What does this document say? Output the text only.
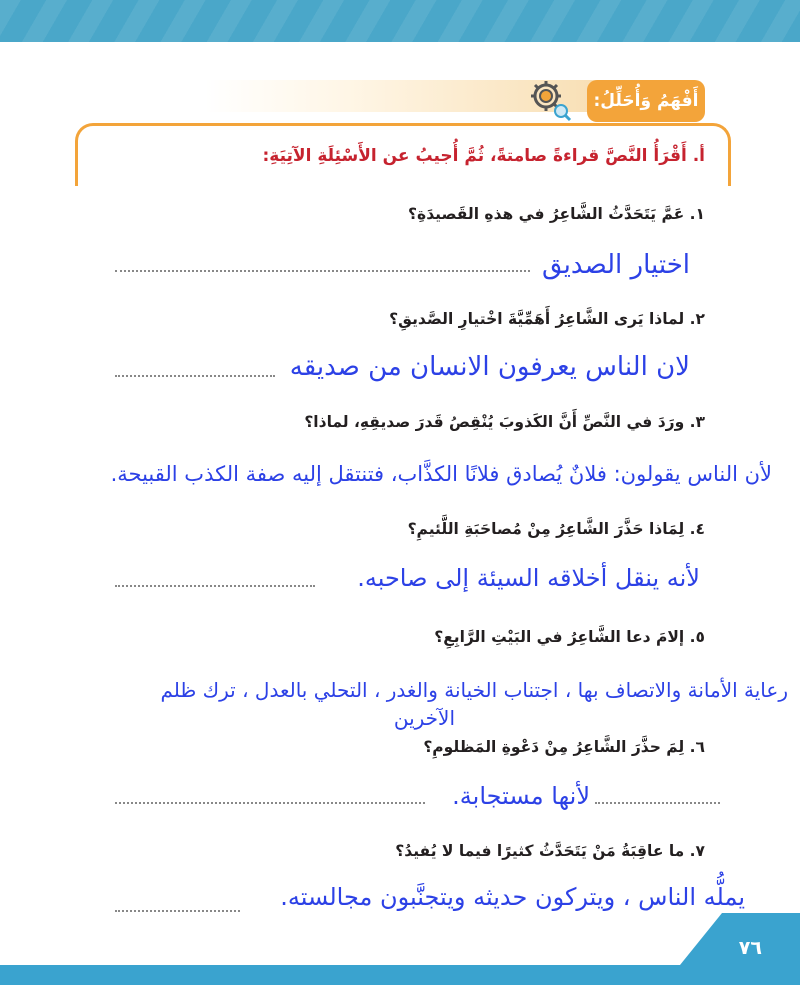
أَفْهَمُ وَأُحَلِّلُ:
أ. أَقْرَأُ النَّصَّ قراءةً صامتةً، ثُمَّ أُجيبُ عن الأَسْئِلَةِ الآتِيَةِ:
١. عَمَّ يَتَحَدَّثُ الشَّاعِرُ في هذهِ القَصيدَةِ؟
اختيار الصديق
٢. لماذا يَرى الشَّاعِرُ أَهَمِّيَّةَ اخْتيارِ الصَّديقِ؟
لان الناس يعرفون الانسان من صديقه
٣. ورَدَ في النَّصِّ أَنَّ الكَذوبَ يُنْقِصُ قَدرَ صديقِهِ، لماذا؟
لأن الناس يقولون: فلانٌ يُصادق فلانًا الكذَّاب، فتنتقل إليه صفة الكذب القبيحة.
٤. لِمَاذا حَذَّرَ الشَّاعِرُ مِنْ مُصاحَبَةِ اللَّئيمِ؟
لأنه ينقل أخلاقه السيئة إلى صاحبه.
٥. إلامَ دعا الشَّاعِرُ في البَيْتِ الرَّابِعِ؟
رعاية الأمانة والاتصاف بها ، اجتناب الخيانة والغدر ، التحلي بالعدل ، ترك ظلم
الآخرين
٦. لِمَ حذَّرَ الشَّاعِرُ مِنْ دَعْوةِ المَظلومِ؟
لأنها مستجابة.
٧. ما عاقِبَةُ مَنْ يَتَحَدَّثُ كثيرًا فيما لا يُفيدُ؟
يملُّه الناس ، ويتركون حديثه ويتجنَّبون مجالسته.
٧٦
